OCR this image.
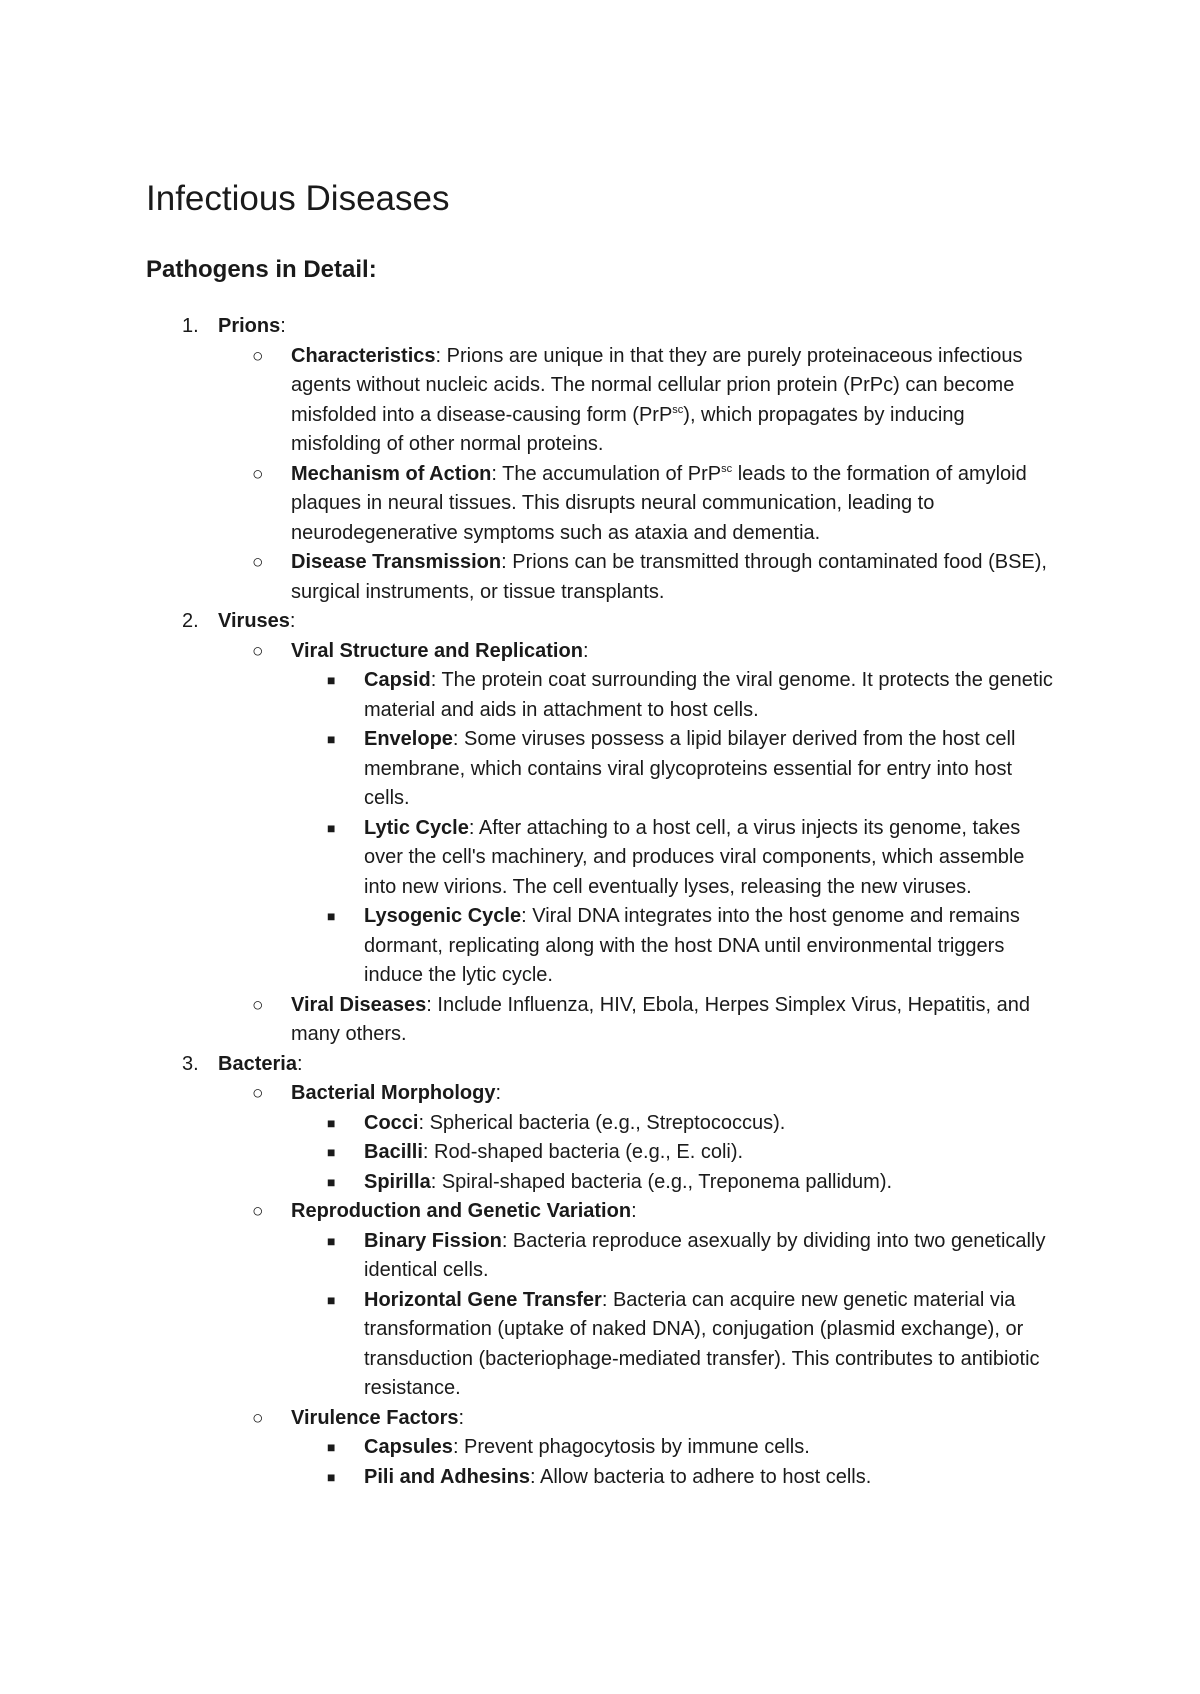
Infectious Diseases
Pathogens in Detail:
1. Prions:
○ Characteristics: Prions are unique in that they are purely proteinaceous infectious agents without nucleic acids. The normal cellular prion protein (PrPc) can become misfolded into a disease-causing form (PrP$^{sc}$), which propagates by inducing misfolding of other normal proteins.
○ Mechanism of Action: The accumulation of PrP$^{sc}$ leads to the formation of amyloid plaques in neural tissues. This disrupts neural communication, leading to neurodegenerative symptoms such as ataxia and dementia.
○ Disease Transmission: Prions can be transmitted through contaminated food (BSE), surgical instruments, or tissue transplants.
2. Viruses:
○ Viral Structure and Replication:
■ Capsid: The protein coat surrounding the viral genome. It protects the genetic material and aids in attachment to host cells.
■ Envelope: Some viruses possess a lipid bilayer derived from the host cell membrane, which contains viral glycoproteins essential for entry into host cells.
■ Lytic Cycle: After attaching to a host cell, a virus injects its genome, takes over the cell's machinery, and produces viral components, which assemble into new virions. The cell eventually lyses, releasing the new viruses.
■ Lysogenic Cycle: Viral DNA integrates into the host genome and remains dormant, replicating along with the host DNA until environmental triggers induce the lytic cycle.
○ Viral Diseases: Include Influenza, HIV, Ebola, Herpes Simplex Virus, Hepatitis, and many others.
3. Bacteria:
○ Bacterial Morphology:
■ Cocci: Spherical bacteria (e.g., Streptococcus).
■ Bacilli: Rod-shaped bacteria (e.g., E. coli).
■ Spirilla: Spiral-shaped bacteria (e.g., Treponema pallidum).
○ Reproduction and Genetic Variation:
■ Binary Fission: Bacteria reproduce asexually by dividing into two genetically identical cells.
■ Horizontal Gene Transfer: Bacteria can acquire new genetic material via transformation (uptake of naked DNA), conjugation (plasmid exchange), or transduction (bacteriophage-mediated transfer). This contributes to antibiotic resistance.
○ Virulence Factors:
■ Capsules: Prevent phagocytosis by immune cells.
■ Pili and Adhesins: Allow bacteria to adhere to host cells.
